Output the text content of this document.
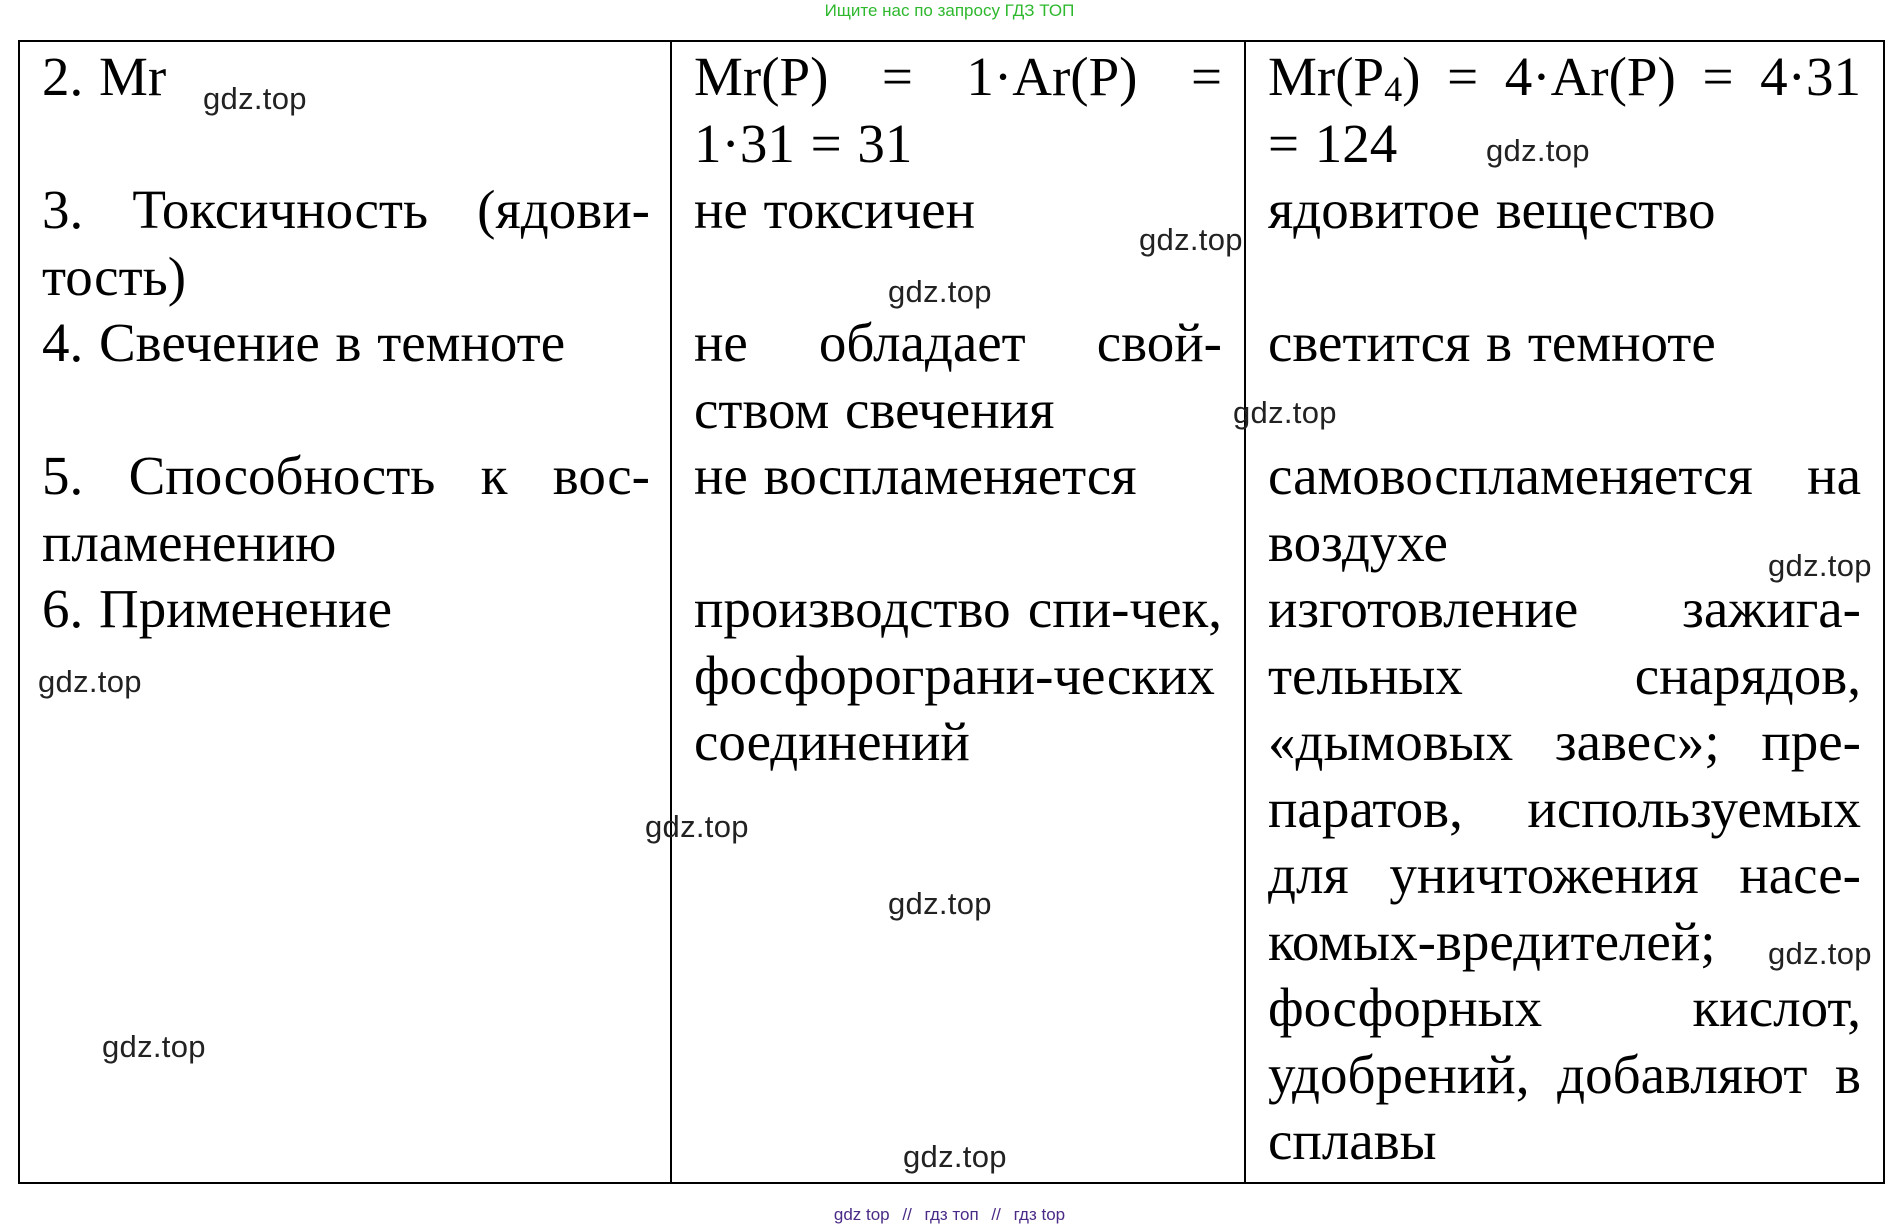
Ищите нас по запросу ГДЗ ТОП
2. Mr
3. Токсичность (ядови-тость)
4. Свечение в темноте
5. Способность к вос-пламенению
6. Применение
Mr(P) = 1·Ar(P) = 1·31 = 31
не токсичен
не обладает свой-ством свечения
не воспламеняется
производство спи-чек, фосфорограни-ческих соединений
Mr(P4) = 4·Ar(P) = 4·31 = 124
ядовитое вещество
светится в темноте
самовоспламеняется на воздухе
изготовление зажига-тельных снарядов, «дымовых завес»; пре-паратов, используемых для уничтожения насе-комых-вредителей; фосфорных кислот, удобрений, добавляют в сплавы
gdz.top
gdz.top
gdz.top
gdz.top
gdz.top
gdz.top
gdz.top
gdz.top
gdz.top
gdz.top
gdz.top
gdz.top
gdz top // гдз топ // гдз top
